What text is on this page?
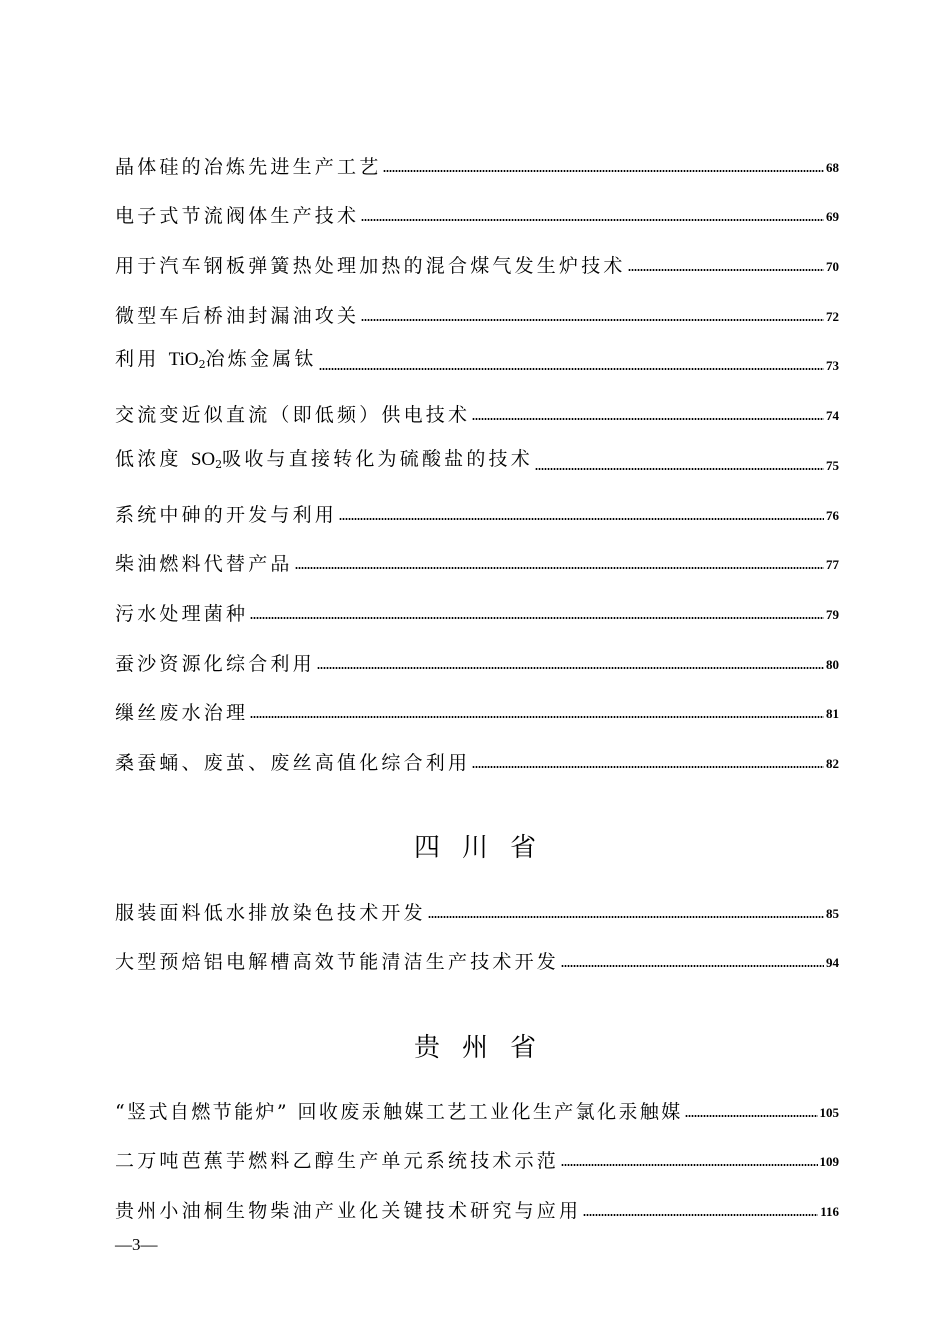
晶体硅的冶炼先进生产工艺	68
电子式节流阀体生产技术	69
用于汽车钢板弹簧热处理加热的混合煤气发生炉技术	70
微型车后桥油封漏油攻关	72
利用 TiO$_2$冶炼金属钛	73
交流变近似直流（即低频）供电技术	74
低浓度 $SO_2$吸收与直接转化为硫酸盐的技术	75
系统中砷的开发与利用	76
柴油燃料代替产品	77
污水处理菌种	79
蚕沙资源化综合利用	80
缫丝废水治理	81
桑蚕蛹、废茧、废丝高值化综合利用	82
四川省
服装面料低水排放染色技术开发	85
大型预焙铝电解槽高效节能清洁生产技术开发	94
贵州省
“竖式自燃节能炉” 回收废汞触媒工艺工业化生产氯化汞触媒	105
二万吨芭蕉芋燃料乙醇生产单元系统技术示范	109
贵州小油桐生物柴油产业化关键技术研究与应用	116
—3—
